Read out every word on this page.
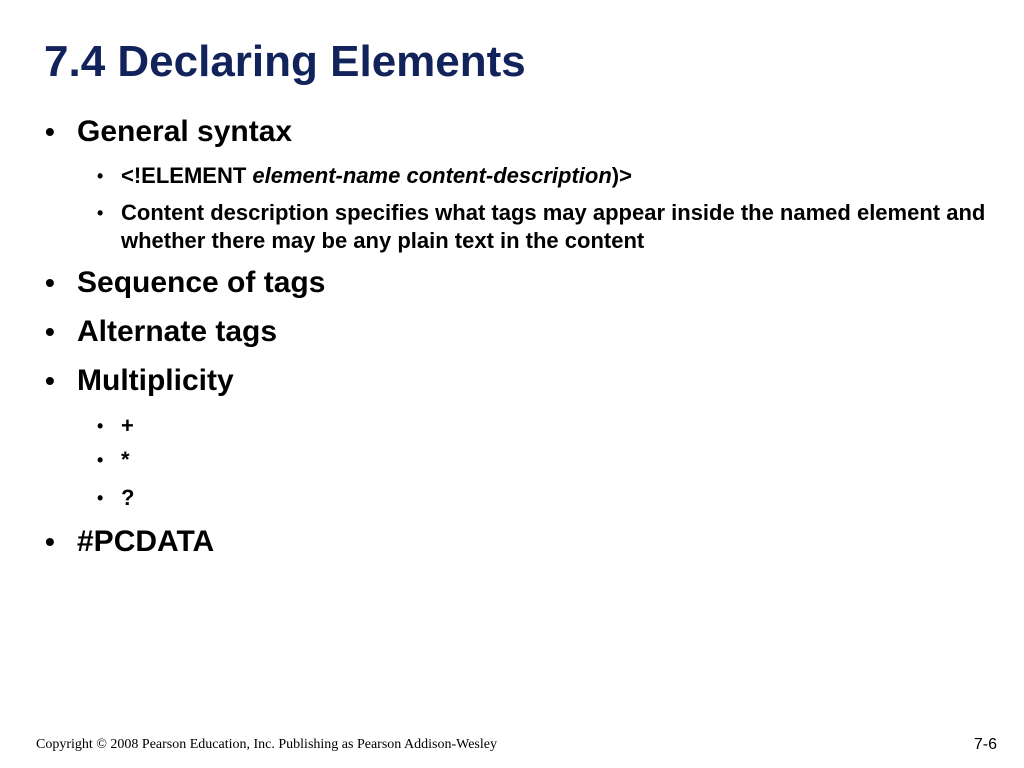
7.4 Declaring Elements
• General syntax
• <!ELEMENT element-name content-description)>
• Content description specifies what tags may appear inside the named element and whether there may be any plain text in the content
• Sequence of tags
• Alternate tags
• Multiplicity
• +
• *
• ?
• #PCDATA
Copyright © 2008 Pearson Education, Inc. Publishing as Pearson Addison-Wesley	7-6
